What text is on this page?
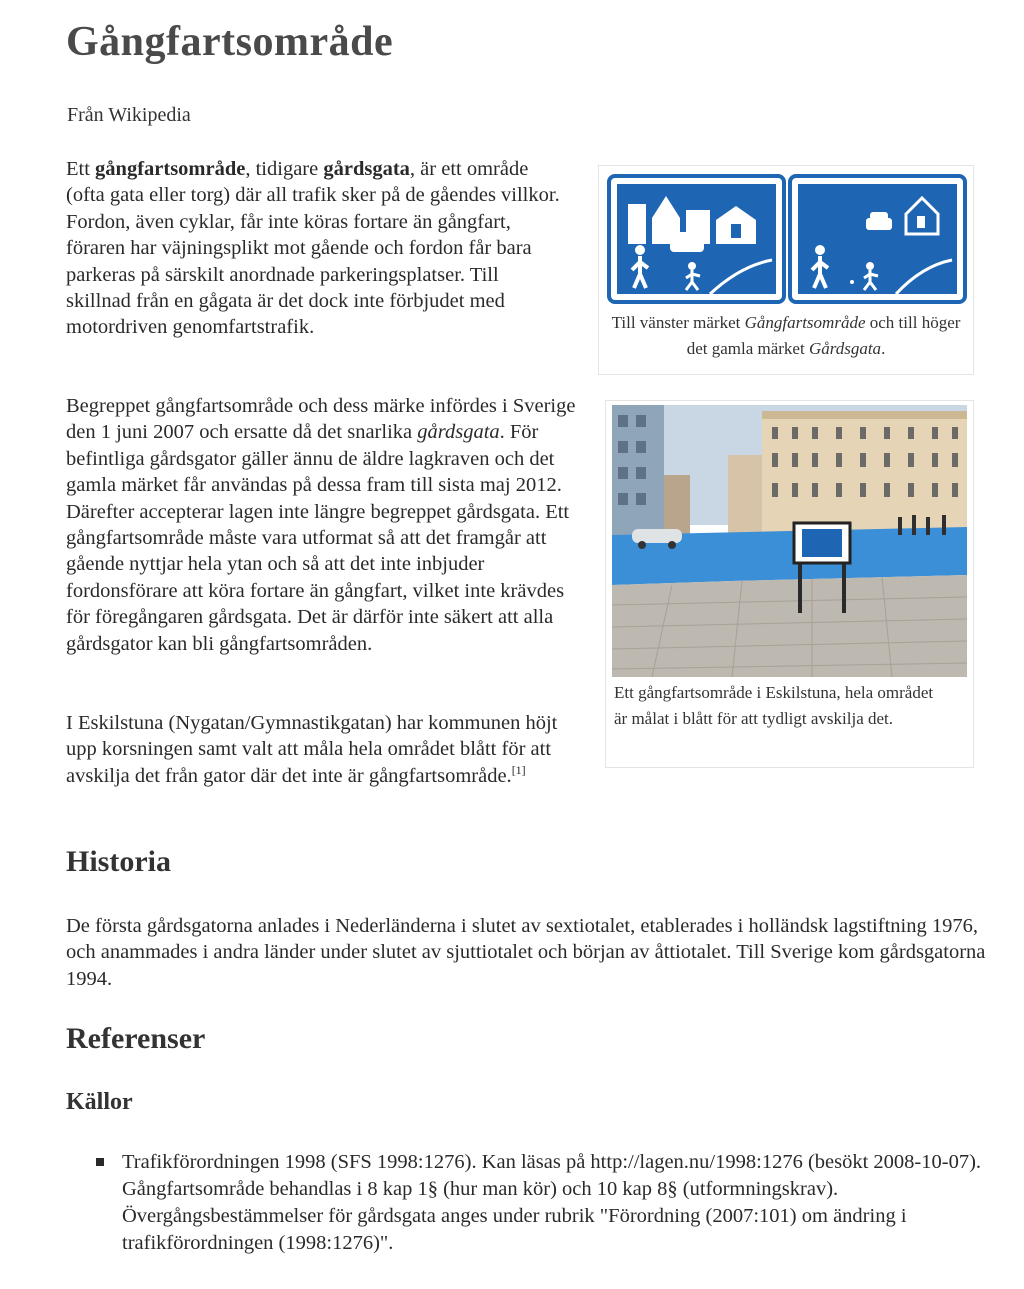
Gångfartsområde
Från Wikipedia
Ett gångfartsområde, tidigare gårdsgata, är ett område (ofta gata eller torg) där all trafik sker på de gåendes villkor. Fordon, även cyklar, får inte köras fortare än gångfart, föraren har väjningsplikt mot gående och fordon får bara parkeras på särskilt anordnade parkeringsplatser. Till skillnad från en gågata är det dock inte förbjudet med motordriven genomfartstrafik.	Till vänster märket Gångfartsområde och till höger det gamla märket Gårdsgata.
Begreppet gångfartsområde och dess märke infördes i Sverige den 1 juni 2007 och ersatte då det snarlika gårdsgata. För befintliga gårdsgator gäller ännu de äldre lagkraven och det gamla märket får användas på dessa fram till sista maj 2012. Därefter accepterar lagen inte längre begreppet gårdsgata. Ett gångfartsområde måste vara utformat så att det framgår att gående nyttjar hela ytan och så att det inte inbjuder fordonsförare att köra fortare än gångfart, vilket inte krävdes för föregångaren gårdsgata. Det är därför inte säkert att alla gårdsgator kan bli gångfartsområden.
Ett gångfartsområde i Eskilstuna, hela området är målat i blått för att tydligt avskilja det.
I Eskilstuna (Nygatan/Gymnastikgatan) har kommunen höjt upp korsningen samt valt att måla hela området blått för att avskilja det från gator där det inte är gångfartsområde.[1]
Historia
De första gårdsgatorna anlades i Nederländerna i slutet av sextiotalet, etablerades i holländsk lagstiftning 1976, och anammades i andra länder under slutet av sjuttiotalet och början av åttiotalet. Till Sverige kom gårdsgatorna 1994.
Referenser
Källor
Trafikförordningen 1998 (SFS 1998:1276). Kan läsas på http://lagen.nu/1998:1276 (besökt 2008-10-07). Gångfartsområde behandlas i 8 kap 1§ (hur man kör) och 10 kap 8§ (utformningskrav). Övergångsbestämmelser för gårdsgata anges under rubrik "Förordning (2007:101) om ändring i trafikförordningen (1998:1276)".
